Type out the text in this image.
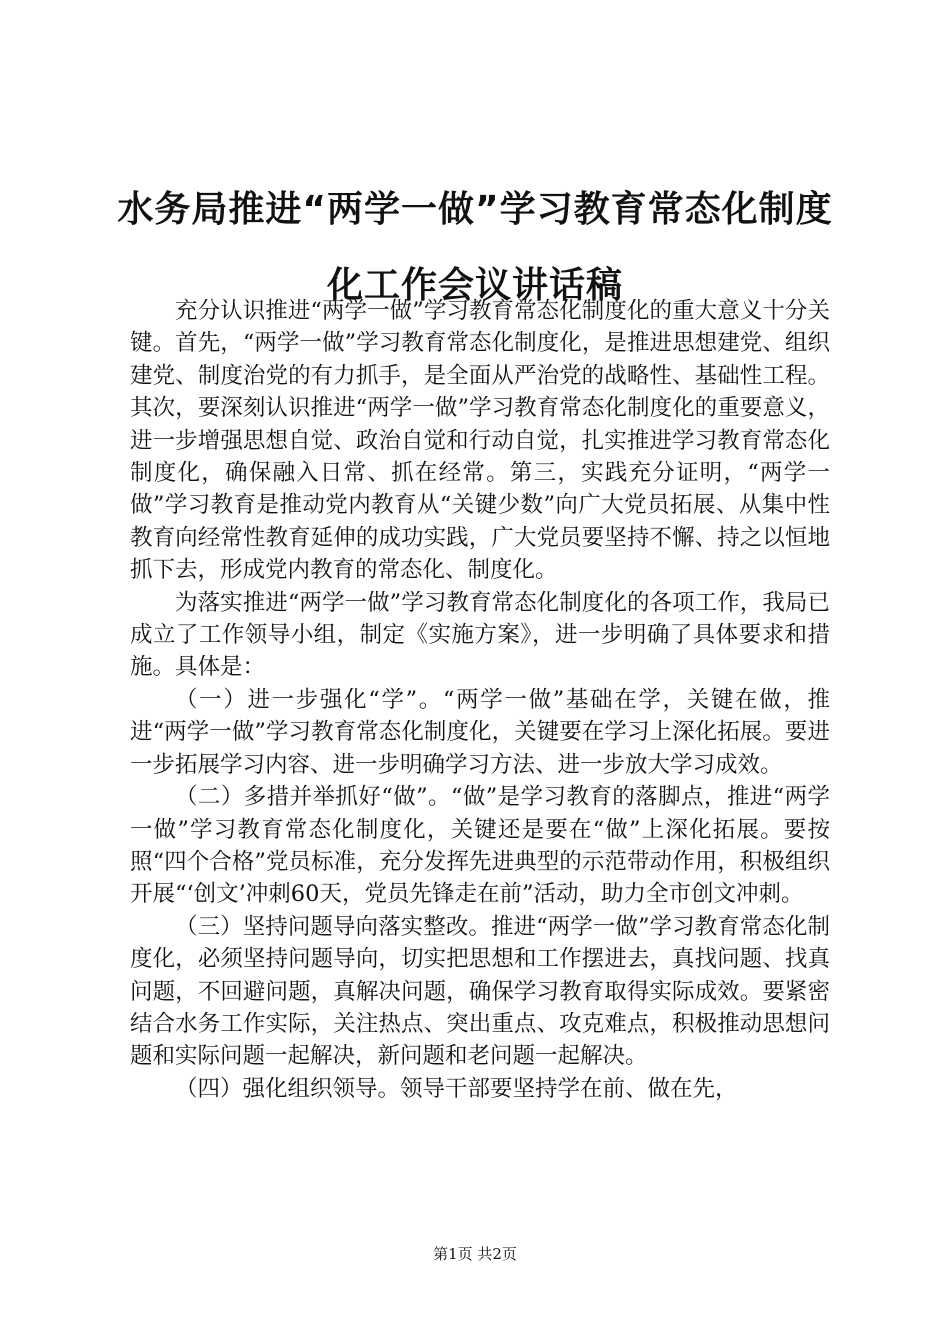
水务局推进“两学一做”学习教育常态化制度化工作会议讲话稿

充分认识推进“两学一做”学习教育常态化制度化的重大意义十分关键。首先，“两学一做”学习教育常态化制度化，是推进思想建党、组织建党、制度治党的有力抓手，是全面从严治党的战略性、基础性工程。其次，要深刻认识推进“两学一做”学习教育常态化制度化的重要意义，进一步增强思想自觉、政治自觉和行动自觉，扎实推进学习教育常态化制度化，确保融入日常、抓在经常。第三，实践充分证明，“两学一做”学习教育是推动党内教育从“关键少数”向广大党员拓展、从集中性教育向经常性教育延伸的成功实践，广大党员要坚持不懈、持之以恒地抓下去，形成党内教育的常态化、制度化。

为落实推进“两学一做”学习教育常态化制度化的各项工作，我局已成立了工作领导小组，制定《实施方案》，进一步明确了具体要求和措施。具体是：

（一）进一步强化“学”。“两学一做”基础在学，关键在做，推进“两学一做”学习教育常态化制度化，关键要在学习上深化拓展。要进一步拓展学习内容、进一步明确学习方法、进一步放大学习成效。

（二）多措并举抓好“做”。“做”是学习教育的落脚点，推进“两学一做”学习教育常态化制度化，关键还是要在“做”上深化拓展。要按照“四个合格”党员标准，充分发挥先进典型的示范带动作用，积极组织开展“‘创文’冲刺60天，党员先锋走在前”活动，助力全市创文冲刺。

（三）坚持问题导向落实整改。推进“两学一做”学习教育常态化制度化，必须坚持问题导向，切实把思想和工作摆进去，真找问题、找真问题，不回避问题，真解决问题，确保学习教育取得实际成效。要紧密结合水务工作实际，关注热点、突出重点、攻克难点，积极推动思想问题和实际问题一起解决，新问题和老问题一起解决。

（四）强化组织领导。领导干部要坚持学在前、做在先，

第1页 共2页
